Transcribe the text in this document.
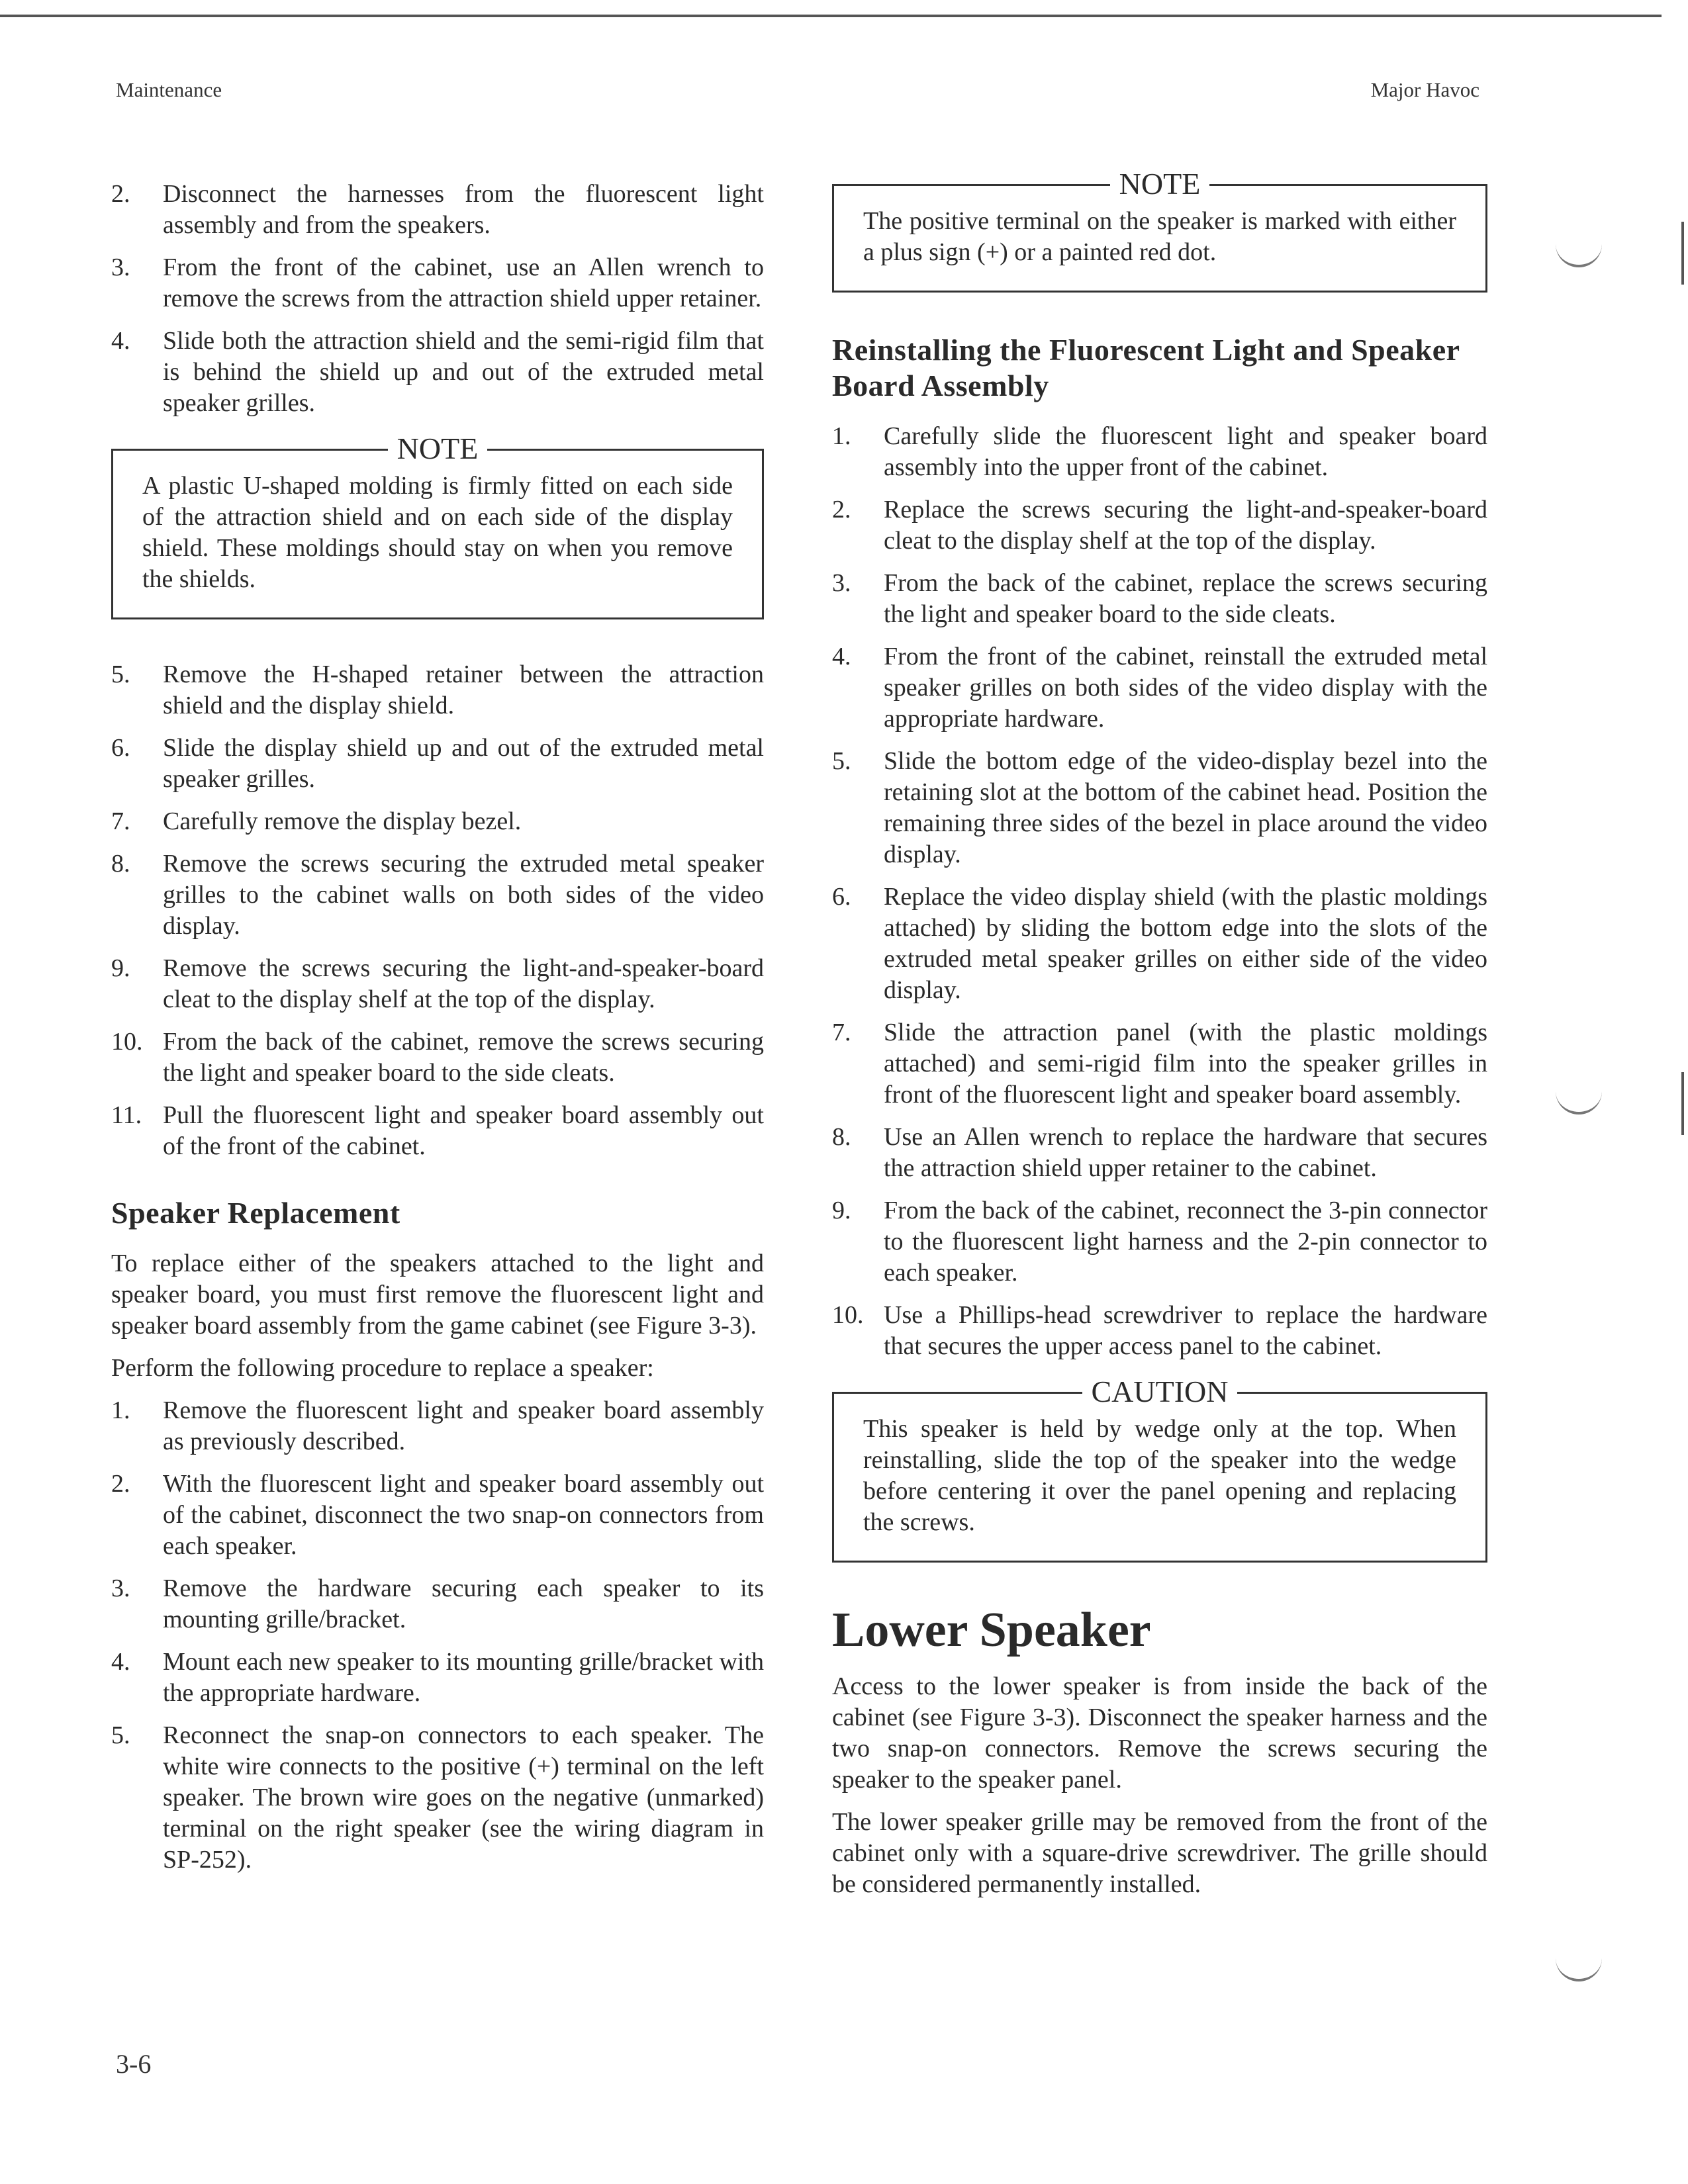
Maintenance	Major Havoc
2.	Disconnect the harnesses from the fluorescent light assembly and from the speakers.
3.	From the front of the cabinet, use an Allen wrench to remove the screws from the attraction shield upper retainer.
4.	Slide both the attraction shield and the semi-rigid film that is behind the shield up and out of the extruded metal speaker grilles.
NOTE
A plastic U-shaped molding is firmly fitted on each side of the attraction shield and on each side of the display shield. These moldings should stay on when you remove the shields.
5.	Remove the H-shaped retainer between the attraction shield and the display shield.
6.	Slide the display shield up and out of the extruded metal speaker grilles.
7.	Carefully remove the display bezel.
8.	Remove the screws securing the extruded metal speaker grilles to the cabinet walls on both sides of the video display.
9.	Remove the screws securing the light-and-speaker-board cleat to the display shelf at the top of the display.
10. From the back of the cabinet, remove the screws securing the light and speaker board to the side cleats.
11. Pull the fluorescent light and speaker board assembly out of the front of the cabinet.
Speaker Replacement

To replace either of the speakers attached to the light and speaker board, you must first remove the fluorescent light and speaker board assembly from the game cabinet (see Figure 3-3).

Perform the following procedure to replace a speaker:

1.	Remove the fluorescent light and speaker board assembly as previously described.
2.	With the fluorescent light and speaker board assembly out of the cabinet, disconnect the two snap-on connectors from each speaker.
3.	Remove the hardware securing each speaker to its mounting grille/bracket.
4.	Mount each new speaker to its mounting grille/bracket with the appropriate hardware.
5.	Reconnect the snap-on connectors to each speaker. The white wire connects to the positive (+) terminal on the left speaker. The brown wire goes on the negative (unmarked) terminal on the right speaker (see the wiring diagram in SP-252).
NOTE
The positive terminal on the speaker is marked with either a plus sign (+) or a painted red dot.
Reinstalling the Fluorescent Light and Speaker Board Assembly
1.	Carefully slide the fluorescent light and speaker board assembly into the upper front of the cabinet.
2.	Replace the screws securing the light-and-speaker-board cleat to the display shelf at the top of the display.
3.	From the back of the cabinet, replace the screws securing the light and speaker board to the side cleats.
4.	From the front of the cabinet, reinstall the extruded metal speaker grilles on both sides of the video display with the appropriate hardware.
5.	Slide the bottom edge of the video-display bezel into the retaining slot at the bottom of the cabinet head. Position the remaining three sides of the bezel in place around the video display.
6.	Replace the video display shield (with the plastic moldings attached) by sliding the bottom edge into the slots of the extruded metal speaker grilles on either side of the video display.
7.	Slide the attraction panel (with the plastic moldings attached) and semi-rigid film into the speaker grilles in front of the fluorescent light and speaker board assembly.
8.	Use an Allen wrench to replace the hardware that secures the attraction shield upper retainer to the cabinet.
9.	From the back of the cabinet, reconnect the 3-pin connector to the fluorescent light harness and the 2-pin connector to each speaker.
10. Use a Phillips-head screwdriver to replace the hardware that secures the upper access panel to the cabinet.
CAUTION
This speaker is held by wedge only at the top. When reinstalling, slide the top of the speaker into the wedge before centering it over the panel opening and replacing the screws.
Lower Speaker

Access to the lower speaker is from inside the back of the cabinet (see Figure 3-3). Disconnect the speaker harness and the two snap-on connectors. Remove the screws securing the speaker to the speaker panel.

The lower speaker grille may be removed from the front of the cabinet only with a square-drive screwdriver. The grille should be considered permanently installed.

3-6
